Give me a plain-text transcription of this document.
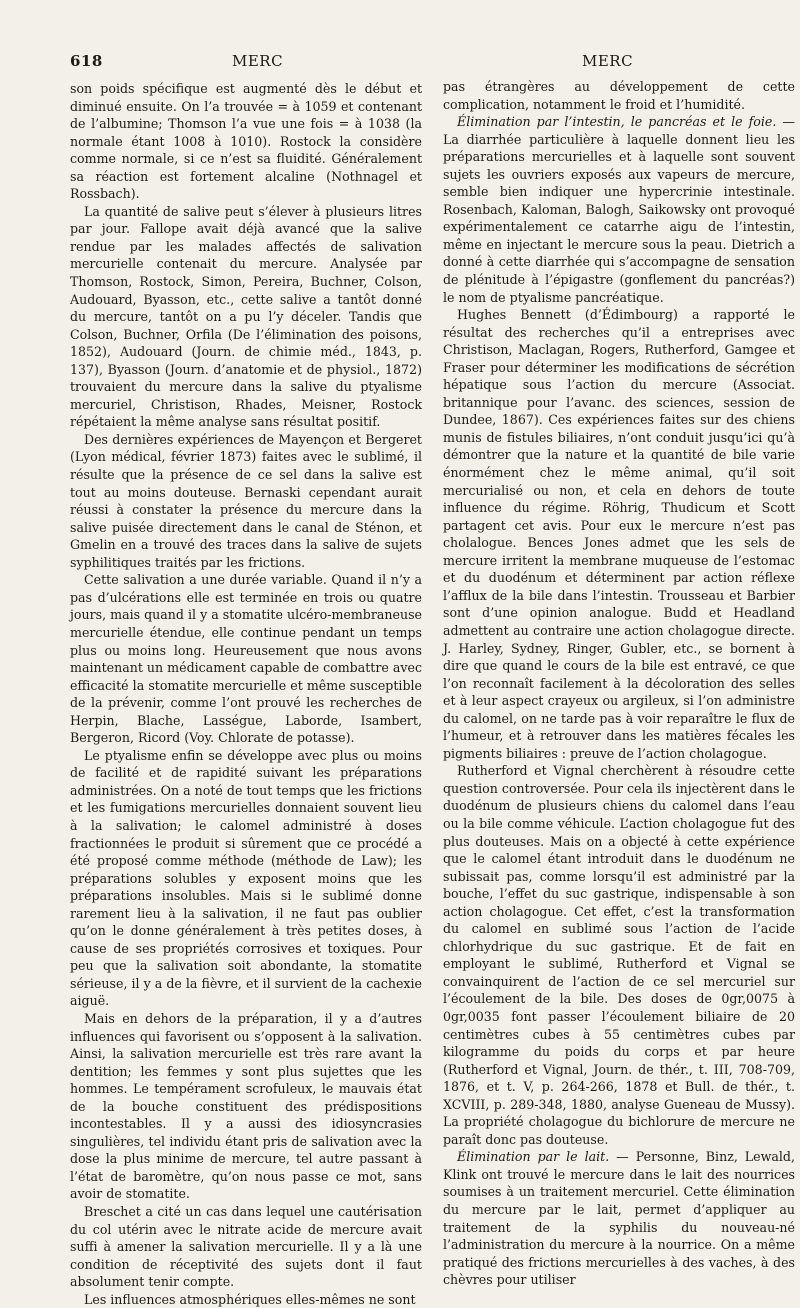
618	MERC	MERC

son poids spécifique est augmenté dès le début et diminué ensuite. On l’a trouvée = à 1059 et contenant de l’albumine; Thomson l’a vue une fois = à 1038 (la normale étant 1008 à 1010). Rostock la considère comme normale, si ce n’est sa fluidité. Généralement sa réaction est fortement alcaline (Nothnagel et Rossbach).

La quantité de salive peut s’élever à plusieurs litres par jour. Fallope avait déjà avancé que la salive rendue par les malades affectés de salivation mercurielle contenait du mercure. Analysée par Thomson, Rostock, Simon, Pereira, Buchner, Colson, Audouard, Byasson, etc., cette salive a tantôt donné du mercure, tantôt on a pu l’y déceler. Tandis que Colson, Buchner, Orfila (De l’élimination des poisons, 1852), Audouard (Journ. de chimie méd., 1843, p. 137), Byasson (Journ. d’anatomie et de physiol., 1872) trouvaient du mercure dans la salive du ptyalisme mercuriel, Christison, Rhades, Meisner, Rostock répétaient la même analyse sans résultat positif.

Des dernières expériences de Mayençon et Bergeret (Lyon médical, février 1873) faites avec le sublimé, il résulte que la présence de ce sel dans la salive est tout au moins douteuse. Bernaski cependant aurait réussi à constater la présence du mercure dans la salive puisée directement dans le canal de Sténon, et Gmelin en a trouvé des traces dans la salive de sujets syphilitiques traités par les frictions.

Cette salivation a une durée variable. Quand il n’y a pas d’ulcérations elle est terminée en trois ou quatre jours, mais quand il y a stomatite ulcéro-membraneuse mercurielle étendue, elle continue pendant un temps plus ou moins long. Heureusement que nous avons maintenant un médicament capable de combattre avec efficacité la stomatite mercurielle et même susceptible de la prévenir, comme l’ont prouvé les recherches de Herpin, Blache, Lasségue, Laborde, Isambert, Bergeron, Ricord (Voy. Chlorate de potasse).

Le ptyalisme enfin se développe avec plus ou moins de facilité et de rapidité suivant les préparations administrées. On a noté de tout temps que les frictions et les fumigations mercurielles donnaient souvent lieu à la salivation; le calomel administré à doses fractionnées le produit si sûrement que ce procédé a été proposé comme méthode (méthode de Law); les préparations solubles y exposent moins que les préparations insolubles. Mais si le sublimé donne rarement lieu à la salivation, il ne faut pas oublier qu’on le donne généralement à très petites doses, à cause de ses propriétés corrosives et toxiques. Pour peu que la salivation soit abondante, la stomatite sérieuse, il y a de la fièvre, et il survient de la cachexie aiguë.

Mais en dehors de la préparation, il y a d’autres influences qui favorisent ou s’opposent à la salivation. Ainsi, la salivation mercurielle est très rare avant la dentition; les femmes y sont plus sujettes que les hommes. Le tempérament scrofuleux, le mauvais état de la bouche constituent des prédispositions incontestables. Il y a aussi des idiosyncrasies singulières, tel individu étant pris de salivation avec la dose la plus minime de mercure, tel autre passant à l’état de baromètre, qu’on nous passe ce mot, sans avoir de stomatite.

Breschet a cité un cas dans lequel une cautérisation du col utérin avec le nitrate acide de mercure avait suffi à amener la salivation mercurielle. Il y a là une condition de réceptivité des sujets dont il faut absolument tenir compte.

Les influences atmosphériques elles-mêmes ne sont

pas étrangères au développement de cette complication, notamment le froid et l’humidité.

Élimination par l’intestin, le pancréas et le foie. — La diarrhée particulière à laquelle donnent lieu les préparations mercurielles et à laquelle sont souvent sujets les ouvriers exposés aux vapeurs de mercure, semble bien indiquer une hypercrinie intestinale. Rosenbach, Kaloman, Balogh, Saikowsky ont provoqué expérimentalement ce catarrhe aigu de l’intestin, même en injectant le mercure sous la peau. Dietrich a donné à cette diarrhée qui s’accompagne de sensation de plénitude à l’épigastre (gonflement du pancréas?) le nom de ptyalisme pancréatique.

Hughes Bennett (d’Édimbourg) a rapporté le résultat des recherches qu’il a entreprises avec Christison, Maclagan, Rogers, Rutherford, Gamgee et Fraser pour déterminer les modifications de sécrétion hépatique sous l’action du mercure (Associat. britannique pour l’avanc. des sciences, session de Dundee, 1867). Ces expériences faites sur des chiens munis de fistules biliaires, n’ont conduit jusqu’ici qu’à démontrer que la nature et la quantité de bile varie énormément chez le même animal, qu’il soit mercurialisé ou non, et cela en dehors de toute influence du régime. Röhrig, Thudicum et Scott partagent cet avis. Pour eux le mercure n’est pas cholalogue. Bences Jones admet que les sels de mercure irritent la membrane muqueuse de l’estomac et du duodénum et déterminent par action réflexe l’afflux de la bile dans l’intestin. Trousseau et Barbier sont d’une opinion analogue. Budd et Headland admettent au contraire une action cholagogue directe. J. Harley, Sydney, Ringer, Gubler, etc., se bornent à dire que quand le cours de la bile est entravé, ce que l’on reconnaît facilement à la décoloration des selles et à leur aspect crayeux ou argileux, si l’on administre du calomel, on ne tarde pas à voir reparaître le flux de l’humeur, et à retrouver dans les matières fécales les pigments biliaires : preuve de l’action cholagogue.

Rutherford et Vignal cherchèrent à résoudre cette question controversée. Pour cela ils injectèrent dans le duodénum de plusieurs chiens du calomel dans l’eau ou la bile comme véhicule. L’action cholagogue fut des plus douteuses. Mais on a objecté à cette expérience que le calomel étant introduit dans le duodénum ne subissait pas, comme lorsqu’il est administré par la bouche, l’effet du suc gastrique, indispensable à son action cholagogue. Cet effet, c’est la transformation du calomel en sublimé sous l’action de l’acide chlorhydrique du suc gastrique. Et de fait en employant le sublimé, Rutherford et Vignal se convainquirent de l’action de ce sel mercuriel sur l’écoulement de la bile. Des doses de 0gr,0075 à 0gr,0035 font passer l’écoulement biliaire de 20 centimètres cubes à 55 centimètres cubes par kilogramme du poids du corps et par heure (Rutherford et Vignal, Journ. de thér., t. III, 708-709, 1876, et t. V, p. 264-266, 1878 et Bull. de thér., t. XCVIII, p. 289-348, 1880, analyse Gueneau de Mussy). La propriété cholagogue du bichlorure de mercure ne paraît donc pas douteuse.

Élimination par le lait. — Personne, Binz, Lewald, Klink ont trouvé le mercure dans le lait des nourrices soumises à un traitement mercuriel. Cette élimination du mercure par le lait, permet d’appliquer au traitement de la syphilis du nouveau-né l’administration du mercure à la nourrice. On a même pratiqué des frictions mercurielles à des vaches, à des chèvres pour utiliser
